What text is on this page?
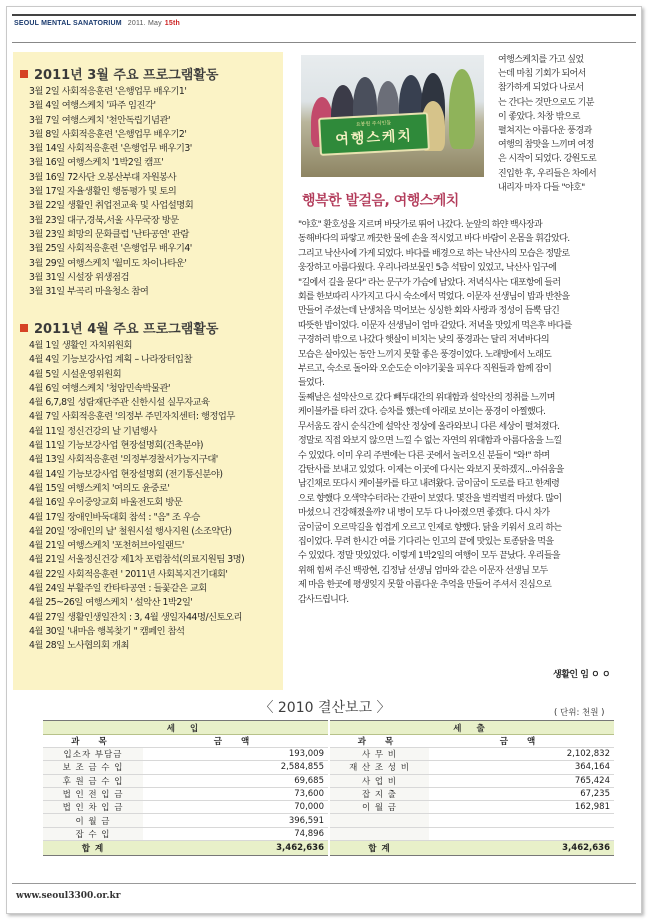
SEOUL MENTAL SANATORIUM 2011. May 15th
2011년 3월 주요 프로그램활동
3월 2일 사회적응훈련 '은행업무 배우기1'
3월 4일 여행스케치 '파주 임진각'
3월 7일 여행스케치 '천안독립기념관'
3월 8일 사회적응훈련 '은행업무 배우기2'
3월 14일 사회적응훈련 '은행업무 배우기3'
3월 16일 여행스케치 '1박2일 캠프'
3월 16일 72사단 오봉산부대 자원봉사
3월 17일 자율생활인 행동평가 및 토의
3월 22일 생활인 취업전교육 및 사업설명회
3월 23일 대구,경북,서울 사무국장 방문
3월 23일 희망의 문화클럽 '난타공연' 관람
3월 25일 사회적응훈련 '은행업무 배우기4'
3월 29일 여행스케치 '월미도 차이나타운'
3월 31일 시설장 위생점검
3월 31일 부곡리 마을청소 참여
2011년 4월 주요 프로그램활동
4월 1일 생활인 자치위원회
4월 4일 기능보강사업 계획 – 나라장터입찰
4월 5일 시설운영위원회
4월 6일 여행스케치 '청암민속박물관'
4월 6,7,8일 성람재단주관 신한시설 실무자교육
4월 7일 사회적응훈련 '의정부 주민자치센터: 행정업무
4월 11일 정신건강의 날 기념행사
4월 11일 기능보강사업 현장설명회(건축분야)
4월 13일 사회적응훈련 '의정부경찰서가능지구대'
4월 14일 기능보강사업 현장설명회 (전기통신분야)
4월 15일 여행스케치 '여의도 윤중로'
4월 16일 우이중앙교회 바울전도회 방문
4월 17일 장애인바둑대회 참석 : "음" 조 우승
4월 20일 '장애인의 날' 철원시설 행사지원 (소조약단)
4월 21일 여행스케치 '포천허브아일랜드'
4월 21일 서울정신건강 제1차 포럼참석(의료지원팀 3명)
4월 22일 사회적응훈련 ' 2011년 사회복지건기대회'
4월 24일 부활주일 칸타타공연 : 들꽃같은 교회
4월 25~26일 여행스케치 ' 설악산 1박2일'
4월 27일 생활인생일잔치 : 3, 4월 생일자44명/신토오리
4월 30일 '내마음 행복찾기 " 캠페인 참석
4월 28일 노사협의회 개최
요봉원 주식인들
여행스케치
여행스케치를 가고 싶었
는데 마침 기회가 되어서
참가하게 되었다 나로서
는 간다는 것만으로도 기분
이 좋았다. 차창 밖으로
펼쳐지는 아름다운 풍경과
여행의 참맛을 느끼며 여정
은 시작이 되었다. 강원도로
진입한 후, 우리들은 차에서
내리자 마자 다들 "야호"
행복한 발걸음, 여행스케치
"야호" 환호성을 지르며 바닷가로 뛰어 나갔다. 눈앞의 하얀 백사장과
동해바다의 파랗고 깨끗한 물에 손을 적시었고 바다 바람이 온몸을 휘감았다.
그리고 낙산사에 가게 되었다. 바다를 배경으로 하는 낙산사의 모습은 정말로
웅장하고 아름다웠다. 우리나라보물인 5층 석탑이 있었고, 낙산사 입구에
"길에서 길을 묻다" 라는 문구가 가슴에 남았다. 저녁식사는 대포항에 들러
회를 한보따리 사가지고 다시 숙소에서 먹었다. 이문자 선생님이 밥과 반찬을
만들어 주셨는데 난생처음 먹어보는 싱싱한 회와 사랑과 정성이 듬뿍 담긴
따뜻한 밥이었다. 이문자 선생님이 엄마 같았다. 저녁을 맛있게 먹은후 바다를
구경하러 밖으로 나갔다 햇살이 비치는 낮의 풍경과는 달리 저녁바다의
모습은 살아있는 동안 느끼지 못할 좋은 풍경이었다. 노래방에서 노래도
부르고, 숙소로 돌아와 오순도순 이야기꽃을 피우다 직원들과 함께 잠이
들었다.
둘째날은 설악산으로 갔다 빼두대간의 위대함과 설악산의 정취를 느끼며
케이블카를 타러 갔다. 승차를 했는데 아래로 보이는 풍경이 아찔했다.
무서움도 잠시 순식간에 설악산 정상에 올라와보니 다른 세상이 펼쳐졌다.
정말로 직접 와보지 않으면 느낄 수 없는 자연의 위대함과 아름다움을 느낄
수 있었다. 이미 우리 주변에는 다른 곳에서 놀러오신 분들이 "와!" 하며
감탄사를 보내고 있었다. 이제는 이곳에 다시는 와보지 못하겠지...아쉬움을
남긴채로 또다시 케이블카를 타고 내려왔다. 굽이굽이 도로를 타고 한계령
으로 향했다 오색약수터라는 간판이 보였다. 몇잔을 벌컥벌컥 마셨다. 많이
마셨으니 건강해졌을까? 내 병이 모두 다 나아졌으면 좋겠다. 다시 차가
굽이굽이 오르막길을 힘겹게 오르고 인제로 향했다. 닭을 키워서 요리 하는
집이었다. 무려 한시간 여를 기다리는 인고의 끝에 맛있는 토종닭을 먹을
수 있었다. 정말 맛있었다. 이렇게 1박2일의 여행이 모두 끝났다. 우리들을
위해 힘써 주신 백광현, 김정남 선생님 엄마와 같은 이문자 선생님 모두
제 마음 한곳에 평생잊지 못할 아름다운 추억을 만들어 주셔서 진심으로
감사드립니다.
생활인 임 ㅇ ㅇ
〈 2010 결산보고 〉	( 단위: 천원 )
세 입		세 출	
과 목	금 액	과 목	금 액
입소자 부담금	193,009	사 무 비	2,102,832
보 조 금 수 입	2,584,855	재 산 조 성 비	364,164
후 원 금 수 입	69,685	사 업 비	765,424
법 인 전 입 금	73,600	잡 지 출	67,235
법 인 차 입 금	70,000	이 월 금	162,981
이 월 금	396,591		
잡 수 입	74,896		
합 계	3,462,636	합 계	3,462,636
www.seoul3300.or.kr
